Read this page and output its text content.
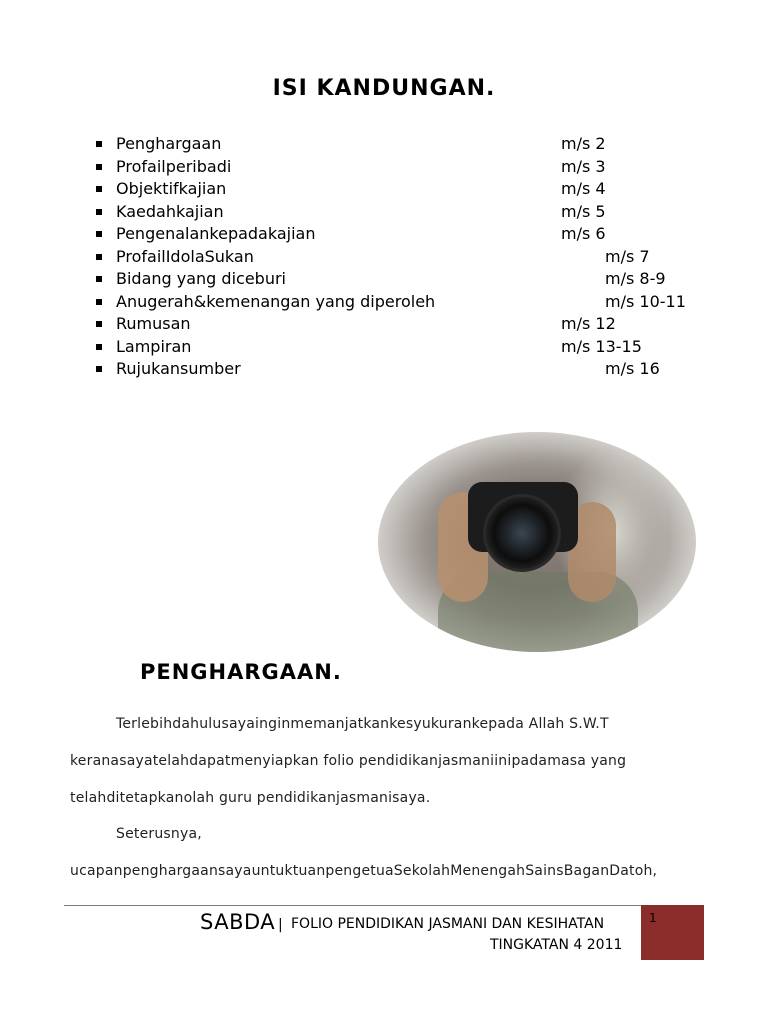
ISI KANDUNGAN.
Penghargaan	m/s 2
Profailperibadi	m/s 3
Objektifkajian	m/s 4
Kaedahkajian	m/s 5
Pengenalankepadakajian	m/s 6
ProfailIdolaSukan	m/s 7
Bidang yang diceburi	m/s 8-9
Anugerah&kemenangan yang diperoleh	m/s 10-11
Rumusan	m/s 12
Lampiran	m/s 13-15
Rujukansumber	m/s 16
PENGHARGAAN.
Terlebihdahulusayainginmemanjatkankesyukurankepada Allah S.W.T
keranasayatelahdapatmenyiapkan folio pendidikanjasmaniinipadamasa yang
telahditetapkanolah guru pendidikanjasmanisaya.
Seterusnya,
ucapanpenghargaansayauntuktuanpengetuaSekolahMenengahSainsBaganDatoh,
SABDA | FOLIO PENDIDIKAN JASMANI DAN KESIHATAN
TINGKATAN 4 2011
1
